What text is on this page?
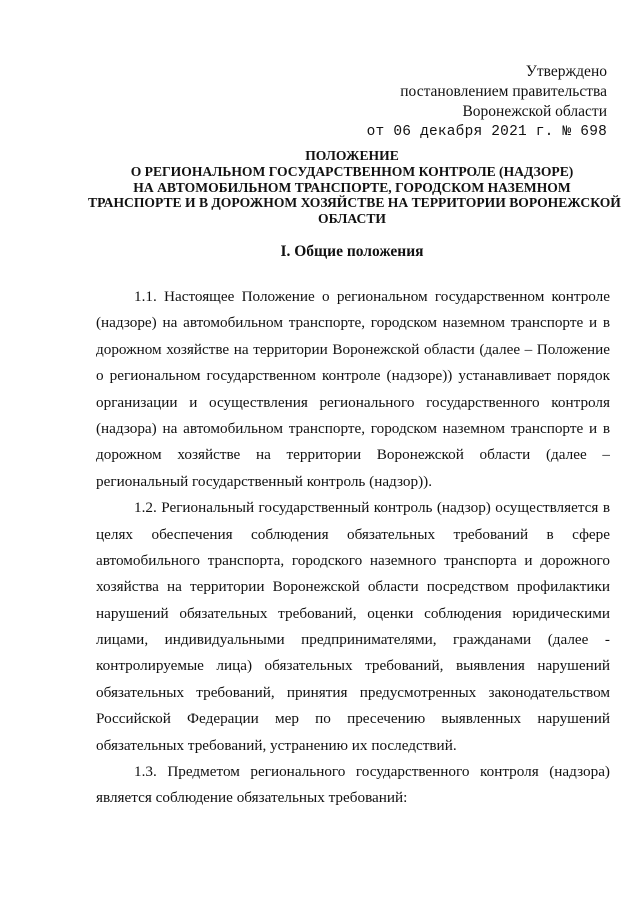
Утверждено
постановлением правительства
Воронежской области
от 06 декабря 2021 г. № 698
ПОЛОЖЕНИЕ
О РЕГИОНАЛЬНОМ ГОСУДАРСТВЕННОМ КОНТРОЛЕ (НАДЗОРЕ)
НА АВТОМОБИЛЬНОМ ТРАНСПОРТЕ, ГОРОДСКОМ НАЗЕМНОМ
ТРАНСПОРТЕ И В ДОРОЖНОМ ХОЗЯЙСТВЕ НА ТЕРРИТОРИИ ВОРОНЕЖСКОЙ
ОБЛАСТИ
I. Общие положения
1.1. Настоящее Положение о региональном государственном контроле
(надзоре) на автомобильном транспорте, городском наземном транспорте и в
дорожном хозяйстве на территории Воронежской области (далее – Положение
о региональном государственном контроле (надзоре)) устанавливает порядок
организации и осуществления регионального государственного контроля
(надзора) на автомобильном транспорте, городском наземном транспорте и в
дорожном хозяйстве на территории Воронежской области (далее –
региональный государственный контроль (надзор)).
1.2. Региональный государственный контроль (надзор) осуществляется в
целях обеспечения соблюдения обязательных требований в сфере
автомобильного транспорта, городского наземного транспорта и дорожного
хозяйства на территории Воронежской области посредством профилактики
нарушений обязательных требований, оценки соблюдения юридическими
лицами, индивидуальными предпринимателями, гражданами (далее -
контролируемые лица) обязательных требований, выявления нарушений
обязательных требований, принятия предусмотренных законодательством
Российской Федерации мер по пресечению выявленных нарушений
обязательных требований, устранению их последствий.
1.3. Предметом регионального государственного контроля (надзора)
является соблюдение обязательных требований:
